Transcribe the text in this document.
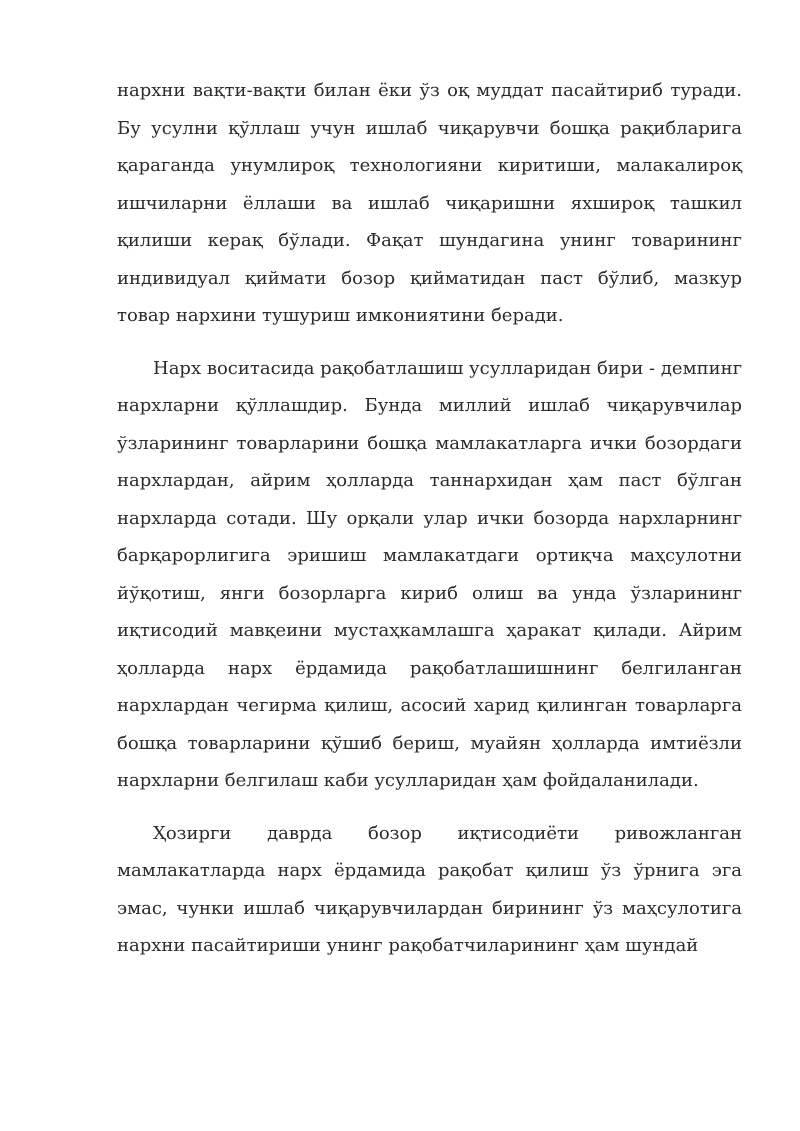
нархни вақти-вақти билан ёки ўз оқ муддат пасайтириб туради. Бу усулни қўллаш учун ишлаб чиқарувчи бошқа рақибларига қараганда унумлироқ технологияни киритиши, малакалироқ ишчиларни ёллаши ва ишлаб чиқаришни яхшироқ ташкил қилиши керақ бўлади. Фақат шундагина унинг товарининг индивидуал қиймати бозор қийматидан паст бўлиб, мазкур товар нархини тушуриш имкониятини беради.

Нарх воситасида рақобатлашиш усулларидан бири - демпинг нархларни қўллашдир. Бунда миллий ишлаб чиқарувчилар ўзларининг товарларини бошқа мамлакатларга ички бозордаги нархлардан, айрим ҳолларда таннархидан ҳам паст бўлган нархларда сотади. Шу орқали улар ички бозорда нархларнинг барқарорлигига эришиш мамлакатдаги ортиқча маҳсулотни йўқотиш, янги бозорларга кириб олиш ва унда ўзларининг иқтисодий мавқеини мустаҳкамлашга ҳаракат қилади. Айрим ҳолларда нарх ёрдамида рақобатлашишнинг белгиланган нархлардан чегирма қилиш, асосий харид қилинган товарларга бошқа товарларини қўшиб бериш, муайян ҳолларда имтиёзли нархларни белгилаш каби усулларидан ҳам фойдаланилади.

Ҳозирги даврда бозор иқтисодиёти ривожланган мамлакатларда нарх ёрдамида рақобат қилиш ўз ўрнига эга эмас, чунки ишлаб чиқарувчилардан бирининг ўз маҳсулотига нархни пасайтириши унинг рақобатчиларининг ҳам шундай
